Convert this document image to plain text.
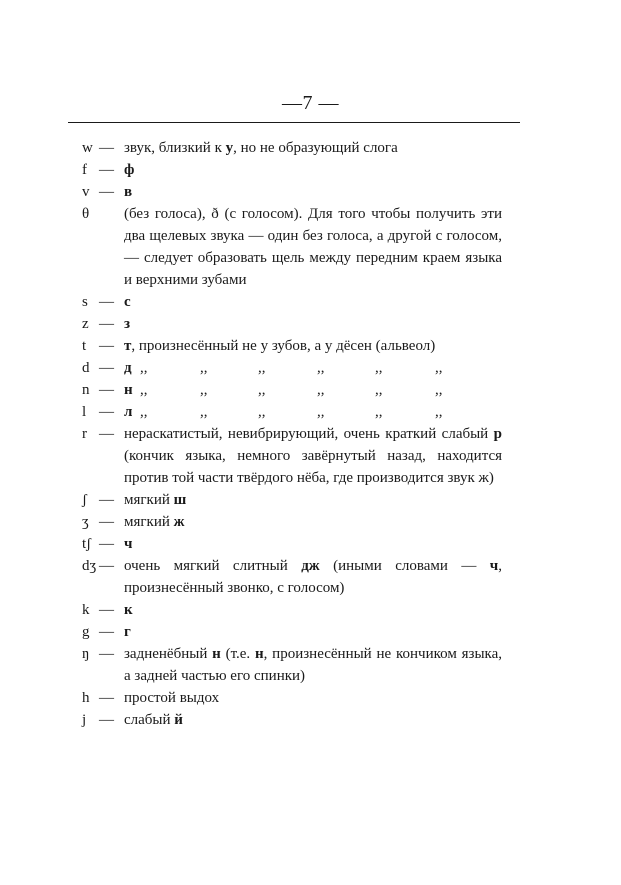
—7 —
w — звук, близкий к у, но не образующий слога
f — ф
v — в
θ	(без голоса), ð (с голосом). Для того чтобы получить эти два щелевых звука — один без голоса, а другой с голосом, — следует образовать щель между передним краем языка и верхними зубами
s — с
z — з
t — т, произнесённый не у зубов, а у дёсен (альвеол)
d — д ,,	,,	,,	,,	,,	,,
n — н ,,	,,	,,	,,	,,	,,
l — л ,,	,,	,,	,,	,,	,,
r — нераскатистый, невибрирующий, очень краткий слабый р (кончик языка, немного завёрнутый назад, находится против той части твёрдого нёба, где производится звук ж)
ʃ — мягкий ш
ʒ — мягкий ж
tʃ — ч
dʒ — очень мягкий слитный дж (иными словами — ч, произнесённый звонко, с голосом)
k — к
g — г
ŋ — задненёбный н (т.е. н, произнесённый не кончиком языка, а задней частью его спинки)
h — простой выдох
j — слабый й
